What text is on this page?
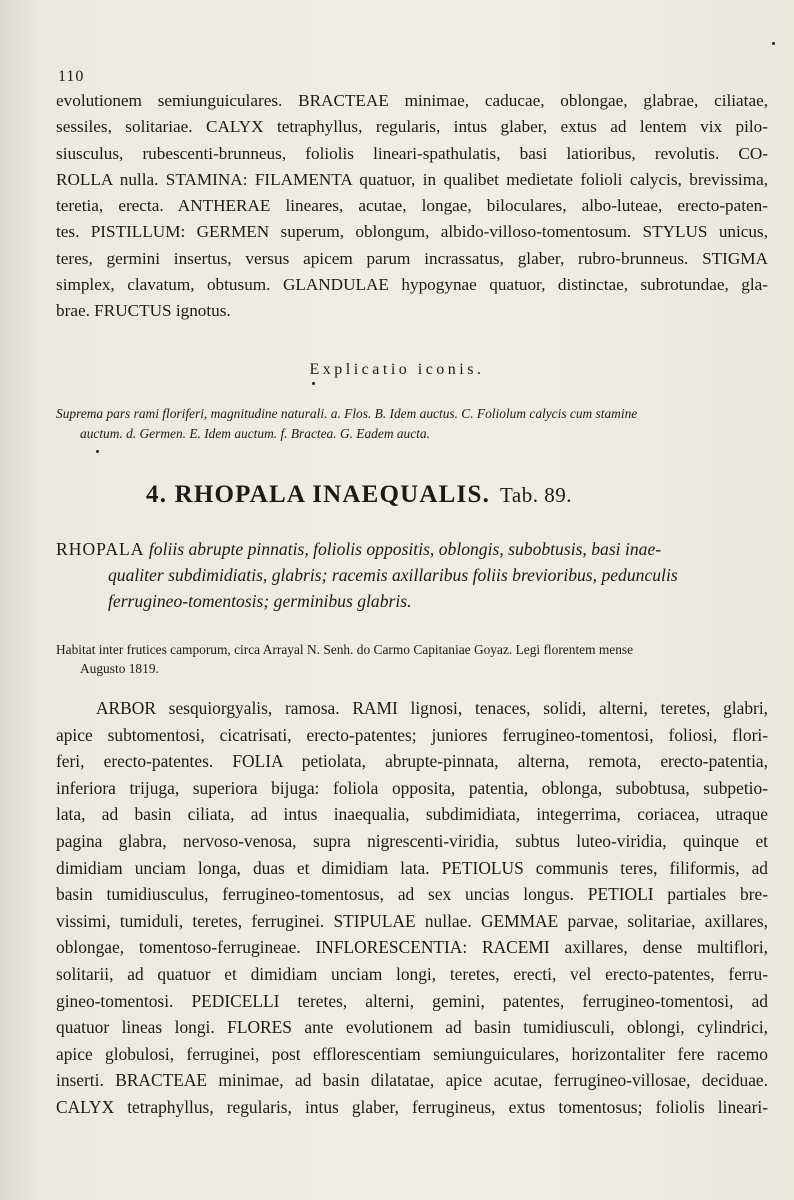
110
evolutionem semiunguiculares. BRACTEAE minimae, caducae, oblongae, glabrae, ciliatae,
sessiles, solitariae. CALYX tetraphyllus, regularis, intus glaber, extus ad lentem vix pilo-
siusculus, rubescenti-brunneus, foliolis lineari-spathulatis, basi latioribus, revolutis. CO-
ROLLA nulla. STAMINA: FILAMENTA quatuor, in qualibet medietate folioli calycis, brevissima,
teretia, erecta. ANTHERAE lineares, acutae, longae, biloculares, albo-luteae, erecto-paten-
tes. PISTILLUM: GERMEN superum, oblongum, albido-villoso-tomentosum. STYLUS unicus,
teres, germini insertus, versus apicem parum incrassatus, glaber, rubro-brunneus. STIGMA
simplex, clavatum, obtusum. GLANDULAE hypogynae quatuor, distinctae, subrotundae, gla-
brae. FRUCTUS ignotus.
Explicatio iconis.
Suprema pars rami floriferi, magnitudine naturali. a. Flos. B. Idem auctus. C. Foliolum calycis cum stamine
auctum. d. Germen. E. Idem auctum. f. Bractea. G. Eadem aucta.
4. RHOPALA INAEQUALIS. Tab. 89.
RHOPALA foliis abrupte pinnatis, foliolis oppositis, oblongis, subobtusis, basi inae-
qualiter subdimidiatis, glabris; racemis axillaribus foliis brevioribus, pedunculis
ferrugineo-tomentosis; germinibus glabris.
Habitat inter frutices camporum, circa Arrayal N. Senh. do Carmo Capitaniae Goyaz. Legi florentem mense
Augusto 1819.
ARBOR sesquiorgyalis, ramosa. RAMI lignosi, tenaces, solidi, alterni, teretes, glabri,
apice subtomentosi, cicatrisati, erecto-patentes; juniores ferrugineo-tomentosi, foliosi, flori-
feri, erecto-patentes. FOLIA petiolata, abrupte-pinnata, alterna, remota, erecto-patentia,
inferiora trijuga, superiora bijuga: foliola opposita, patentia, oblonga, subobtusa, subpetio-
lata, ad basin ciliata, ad intus inaequalia, subdimidiata, integerrima, coriacea, utraque
pagina glabra, nervoso-venosa, supra nigrescenti-viridia, subtus luteo-viridia, quinque et
dimidiam unciam longa, duas et dimidiam lata. PETIOLUS communis teres, filiformis, ad
basin tumidiusculus, ferrugineo-tomentosus, ad sex uncias longus. PETIOLI partiales bre-
vissimi, tumiduli, teretes, ferruginei. STIPULAE nullae. GEMMAE parvae, solitariae, axillares,
oblongae, tomentoso-ferrugineae. INFLORESCENTIA: RACEMI axillares, dense multiflori,
solitarii, ad quatuor et dimidiam unciam longi, teretes, erecti, vel erecto-patentes, ferru-
gineo-tomentosi. PEDICELLI teretes, alterni, gemini, patentes, ferrugineo-tomentosi, ad
quatuor lineas longi. FLORES ante evolutionem ad basin tumidiusculi, oblongi, cylindrici,
apice globulosi, ferruginei, post efflorescentiam semiunguiculares, horizontaliter fere racemo
inserti. BRACTEAE minimae, ad basin dilatatae, apice acutae, ferrugineo-villosae, deciduae.
CALYX tetraphyllus, regularis, intus glaber, ferrugineus, extus tomentosus; foliolis lineari-
